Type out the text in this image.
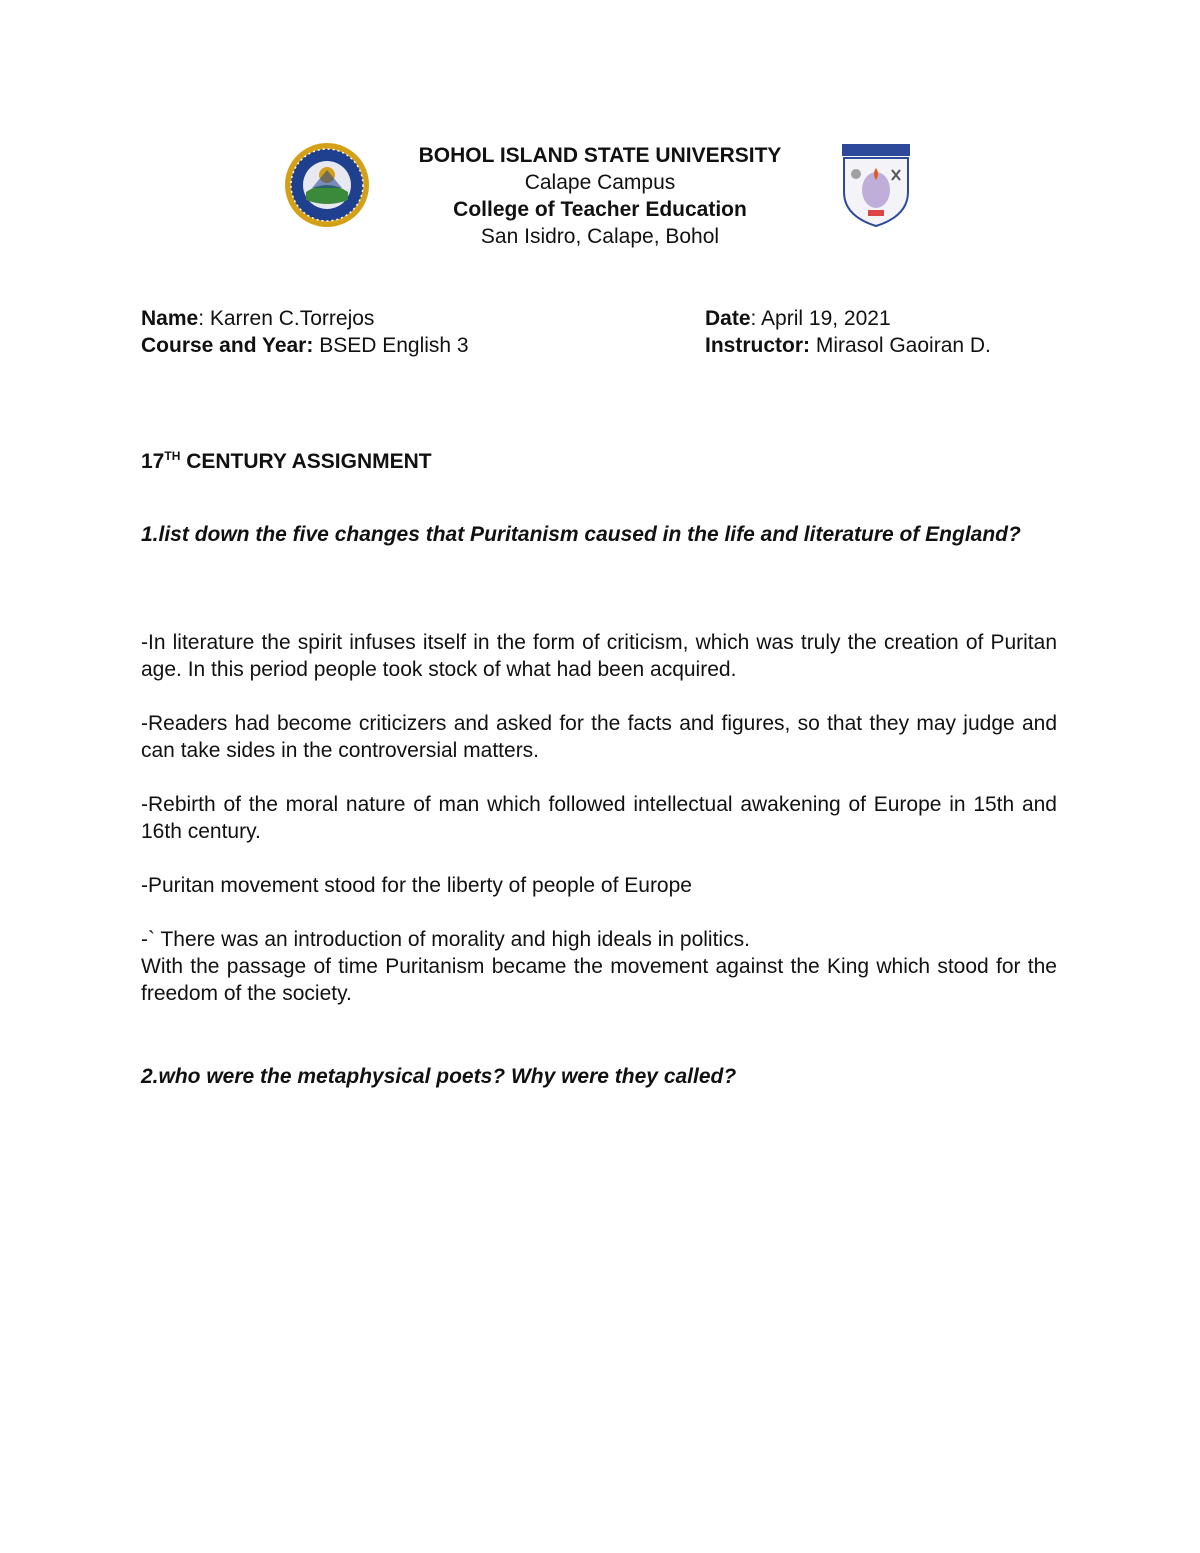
BOHOL ISLAND STATE UNIVERSITY
Calape Campus
College of Teacher Education
San Isidro, Calape, Bohol
Name: Karren C.Torrejos
Course and Year: BSED English 3
Date: April 19, 2021
Instructor: Mirasol Gaoiran D.
17TH CENTURY ASSIGNMENT
1.list down the five changes that Puritanism caused in the life and literature of England?
-In literature the spirit infuses itself in the form of criticism, which was truly the creation of Puritan age. In this period people took stock of what had been acquired.
-Readers had become criticizers and asked for the facts and figures, so that they may judge and can take sides in the controversial matters.
-Rebirth of the moral nature of man which followed intellectual awakening of Europe in 15th and 16th century.
-Puritan movement stood for the liberty of people of Europe
-` There was an introduction of morality and high ideals in politics.
With the passage of time Puritanism became the movement against the King which stood for the freedom of the society.
2.who were the metaphysical poets? Why were they called?
